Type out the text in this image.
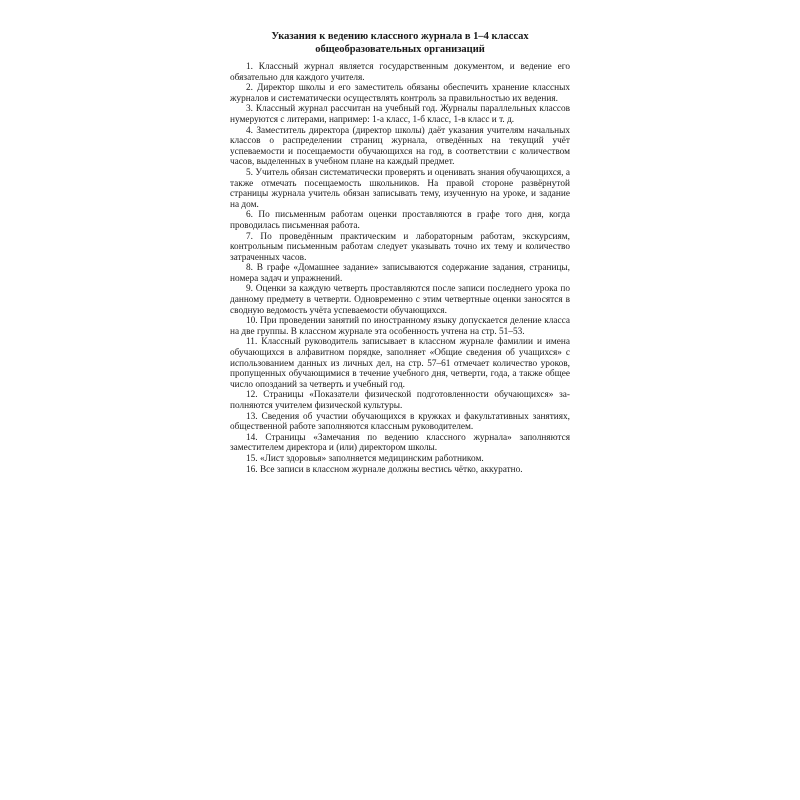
Указания к ведению классного журнала в 1–4 классах
общеобразовательных организаций

1. Классный журнал является государственным документом, и ведение его обязательно для каждого учителя.

2. Директор школы и его заместитель обязаны обеспечить хранение классных журналов и систематически осуществлять контроль за правильностью их ведения.

3. Классный журнал рассчитан на учебный год. Журналы параллельных классов нумеруются с литерами, например: 1-а класс, 1-б класс, 1-в класс и т. д.

4. Заместитель директора (директор школы) даёт указания учителям начальных классов о распределении страниц журнала, отведённых на текущий учёт успеваемости и посещаемости обучающихся на год, в соответствии с количеством часов, выделенных в учебном плане на каждый предмет.

5. Учитель обязан систематически проверять и оценивать знания обучающихся, а также отмечать посещаемость школьников. На правой стороне развёрнутой страницы журнала учитель обязан записывать тему, изученную на уроке, и задание на дом.

6. По письменным работам оценки проставляются в графе того дня, когда проводилась письменная работа.

7. По проведённым практическим и лабораторным работам, экскурсиям, контрольным письменным работам следует указывать точно их тему и количество затраченных часов.

8. В графе «Домашнее задание» записываются содержание задания, страницы, номера задач и упражнений.

9. Оценки за каждую четверть проставляются после записи последнего урока по данному предмету в четверти. Одновременно с этим четвертные оценки заносятся в сводную ведомость учёта успеваемости обучающихся.

10. При проведении занятий по иностранному языку допускается деление класса на две группы. В классном журнале эта особенность учтена на стр. 51–53.

11. Классный руководитель записывает в классном журнале фамилии и имена обучающихся в алфавитном порядке, заполняет «Общие сведения об учащихся» с использованием данных из личных дел, на стр. 57–61 отмечает количество уроков, пропущенных обучающимися в течение учебного дня, четверти, года, а также общее число опозданий за четверть и учебный год.

12. Страницы «Показатели физической подготовленности обучающихся» заполняются учителем физической культуры.

13. Сведения об участии обучающихся в кружках и факультативных занятиях, общественной работе заполняются классным руководителем.

14. Страницы «Замечания по ведению классного журнала» заполняются заместителем директора и (или) директором школы.

15. «Лист здоровья» заполняется медицинским работником.

16. Все записи в классном журнале должны вестись чётко, аккуратно.
